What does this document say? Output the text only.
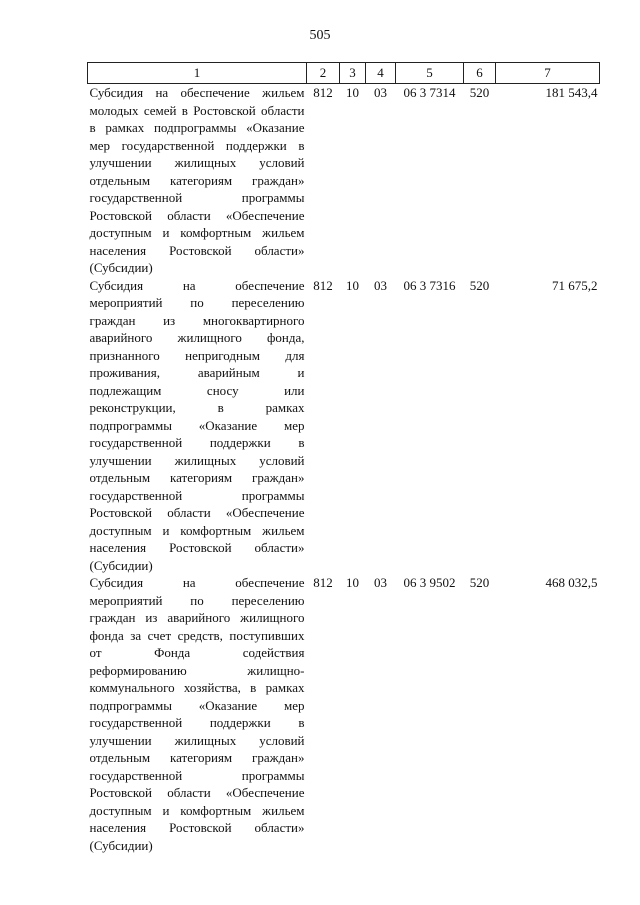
505
1	2	3	4	5	6	7
Субсидия на обеспечение жильем молодых семей в Ростовской области в рамках подпрограммы «Оказание мер государственной поддержки в улучшении жилищных условий отдельным категориям граждан» государственной программы Ростовской области «Обеспечение доступным и комфортным жильем населения Ростовской области» (Субсидии)	812	10	03	06 3 7314	520	181 543,4
Субсидия на обеспечение мероприятий по переселению граждан из многоквартирного аварийного жилищного фонда, признанного непригодным для проживания, аварийным и подлежащим сносу или реконструкции, в рамках подпрограммы «Оказание мер государственной поддержки в улучшении жилищных условий отдельным категориям граждан» государственной программы Ростовской области «Обеспечение доступным и комфортным жильем населения Ростовской области» (Субсидии)	812	10	03	06 3 7316	520	71 675,2
Субсидия на обеспечение мероприятий по переселению граждан из аварийного жилищного фонда за счет средств, поступивших от Фонда содействия реформированию жилищно-коммунального хозяйства, в рамках подпрограммы «Оказание мер государственной поддержки в улучшении жилищных условий отдельным категориям граждан» государственной программы Ростовской области «Обеспечение доступным и комфортным жильем населения Ростовской области» (Субсидии)	812	10	03	06 3 9502	520	468 032,5
